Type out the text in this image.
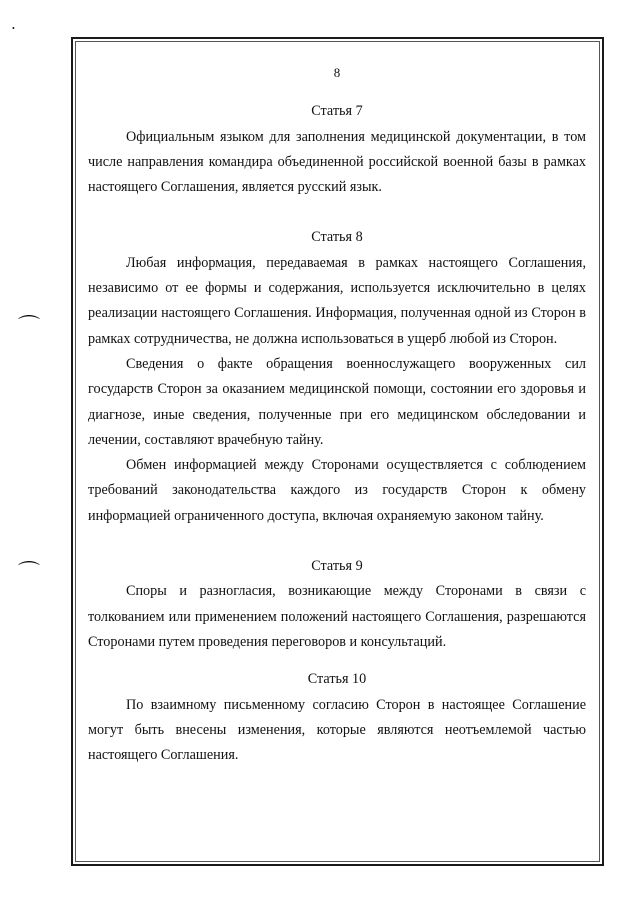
⌒
⌒
•
8

Статья 7

Официальным языком для заполнения медицинской документации, в том числе направления командира объединенной российской военной базы в рамках настоящего Соглашения, является русский язык.

Статья 8

Любая информация, передаваемая в рамках настоящего Соглашения, независимо от ее формы и содержания, используется исключительно в целях реализации настоящего Соглашения. Информация, полученная одной из Сторон в рамках сотрудничества, не должна использоваться в ущерб любой из Сторон.

Сведения о факте обращения военнослужащего вооруженных сил государств Сторон за оказанием медицинской помощи, состоянии его здоровья и диагнозе, иные сведения, полученные при его медицинском обследовании и лечении, составляют врачебную тайну.

Обмен информацией между Сторонами осуществляется с соблюдением требований законодательства каждого из государств Сторон к обмену информацией ограниченного доступа, включая охраняемую законом тайну.

Статья 9

Споры и разногласия, возникающие между Сторонами в связи с толкованием или применением положений настоящего Соглашения, разрешаются Сторонами путем проведения переговоров и консультаций.

Статья 10

По взаимному письменному согласию Сторон в настоящее Соглашение могут быть внесены изменения, которые являются неотъемлемой частью настоящего Соглашения.
